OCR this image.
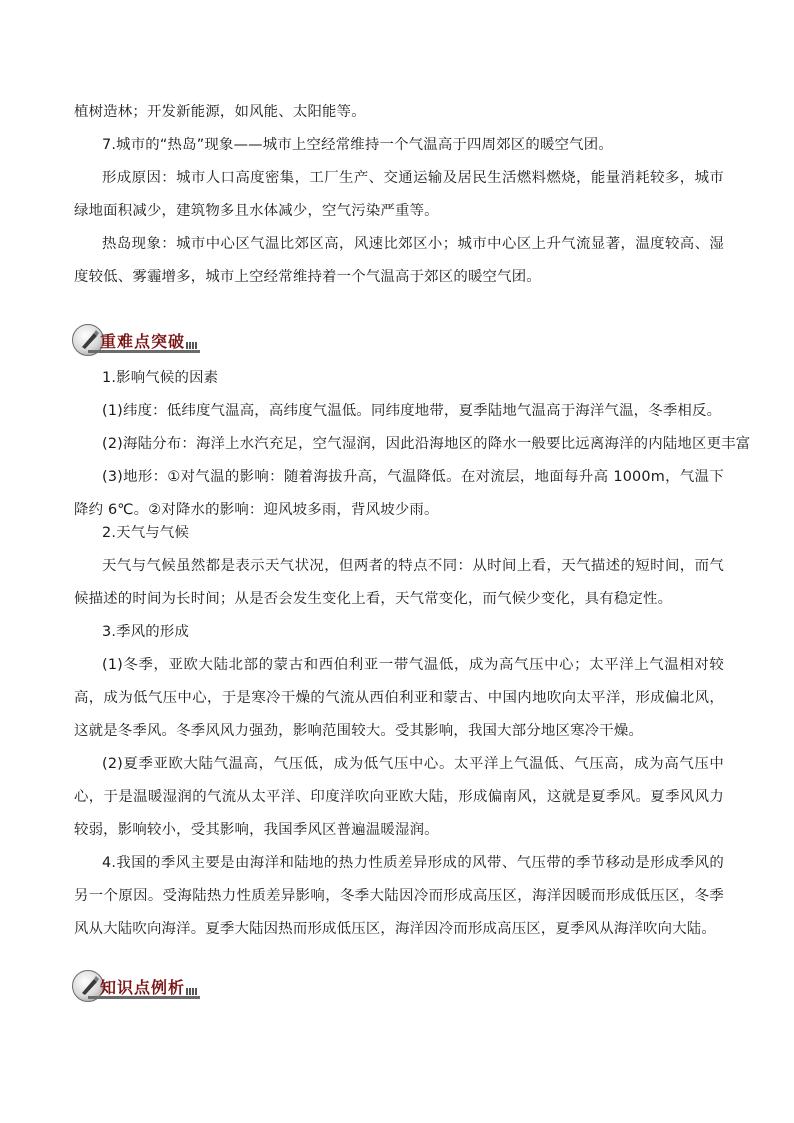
植树造林；开发新能源，如风能、太阳能等。

7.城市的“热岛”现象——城市上空经常维持一个气温高于四周郊区的暖空气团。

形成原因：城市人口高度密集，工厂生产、交通运输及居民生活燃料燃烧，能量消耗较多，城市绿地面积减少，建筑物多且水体减少，空气污染严重等。

热岛现象：城市中心区气温比郊区高，风速比郊区小；城市中心区上升气流显著，温度较高、湿度较低、雾霾增多，城市上空经常维持着一个气温高于郊区的暖空气团。

重难点突破

1.影响气候的因素

(1)纬度：低纬度气温高，高纬度气温低。同纬度地带，夏季陆地气温高于海洋气温，冬季相反。

(2)海陆分布：海洋上水汽充足，空气湿润，因此沿海地区的降水一般要比远离海洋的内陆地区更丰富

(3)地形：①对气温的影响：随着海拔升高，气温降低。在对流层，地面每升高 1000m，气温下降约 6℃。②对降水的影响：迎风坡多雨，背风坡少雨。

2.天气与气候

天气与气候虽然都是表示天气状况，但两者的特点不同：从时间上看，天气描述的短时间，而气候描述的时间为长时间；从是否会发生变化上看，天气常变化，而气候少变化，具有稳定性。

3.季风的形成

(1)冬季，亚欧大陆北部的蒙古和西伯利亚一带气温低，成为高气压中心；太平洋上气温相对较高，成为低气压中心，于是寒冷干燥的气流从西伯利亚和蒙古、中国内地吹向太平洋，形成偏北风，这就是冬季风。冬季风风力强劲，影响范围较大。受其影响，我国大部分地区寒冷干燥。

(2)夏季亚欧大陆气温高，气压低，成为低气压中心。太平洋上气温低、气压高，成为高气压中心，于是温暖湿润的气流从太平洋、印度洋吹向亚欧大陆，形成偏南风，这就是夏季风。夏季风风力较弱，影响较小，受其影响，我国季风区普遍温暖湿润。

4.我国的季风主要是由海洋和陆地的热力性质差异形成的风带、气压带的季节移动是形成季风的另一个原因。受海陆热力性质差异影响，冬季大陆因冷而形成高压区，海洋因暖而形成低压区，冬季风从大陆吹向海洋。夏季大陆因热而形成低压区，海洋因冷而形成高压区，夏季风从海洋吹向大陆。

知识点例析
